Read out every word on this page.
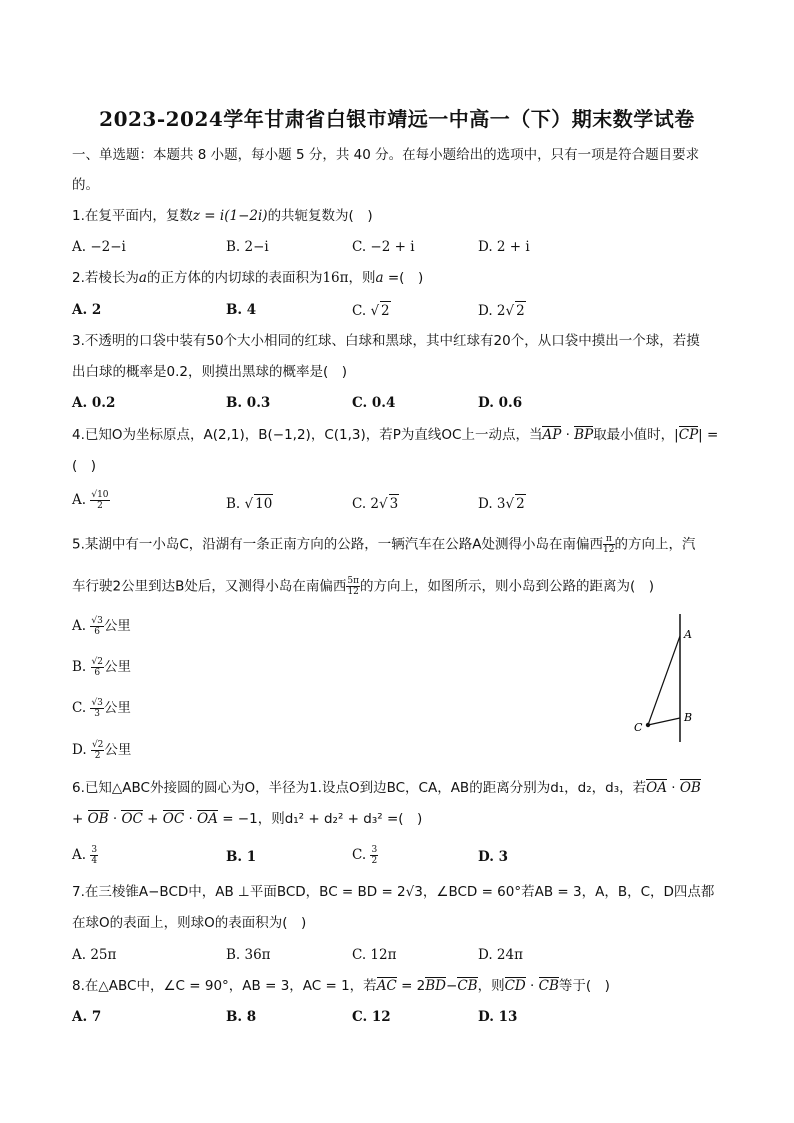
2023-2024学年甘肃省白银市靖远一中高一（下）期末数学试卷
一、单选题：本题共 8 小题，每小题 5 分，共 40 分。在每小题给出的选项中，只有一项是符合题目要求
的。
1.在复平面内，复数z = i(1−2i)的共轭复数为(　)
A. −2−i	B. 2−i	C. −2 + i	D. 2 + i
2.若棱长为a的正方体的内切球的表面积为16π，则a =(　)
A. 2	B. 4	C. √ 2	D. 2√ 2
3.不透明的口袋中装有50个大小相同的红球、白球和黑球，其中红球有20个，从口袋中摸出一个球，若摸
出白球的概率是0.2，则摸出黑球的概率是(　)
A. 0.2	B. 0.3	C. 0.4	D. 0.6
4.已知O为坐标原点，A(2,1)，B(−1,2)，C(1,3)，若P为直线OC上一动点，当AP · BP取最小值时，|CP| =
(　)
A. $\frac{√10}{2}$	B. √ 10	C. 2√ 3	D. 3√ 2
5.某湖中有一小岛C，沿湖有一条正南方向的公路，一辆汽车在公路A处测得小岛在南偏西 $\frac{\pi}{12}$ 的方向上，汽
车行驶2公里到达B处后，又测得小岛在南偏西 $\frac{5\pi}{12}$ 的方向上，如图所示，则小岛到公路的距离为(　)
A. $\frac{√3}{6}$ 公里
B. $\frac{√2}{6}$ 公里
C. $\frac{√3}{3}$ 公里
D. $\frac{√2}{2}$ 公里
A
B
C
6.已知△ABC外接圆的圆心为O，半径为1.设点O到边BC，CA，AB的距离分别为d₁，d₂，d₃，若OA · OB
+ OB · OC + OC · OA = −1，则d₁² + d₂² + d₃² =(　)
A. $\frac{3}{4}$	B. 1	C. $\frac{3}{2}$	D. 3
7.在三棱锥A−BCD中，AB ⊥平面BCD，BC = BD = 2√3，∠BCD = 60°若AB = 3，A，B，C，D四点都
在球O的表面上，则球O的表面积为(　)
A. 25π	B. 36π	C. 12π	D. 24π
8.在△ABC中，∠C = 90°，AB = 3，AC = 1，若AC = 2BD−CB，则CD · CB等于(　)
A. 7	B. 8	C. 12	D. 13
